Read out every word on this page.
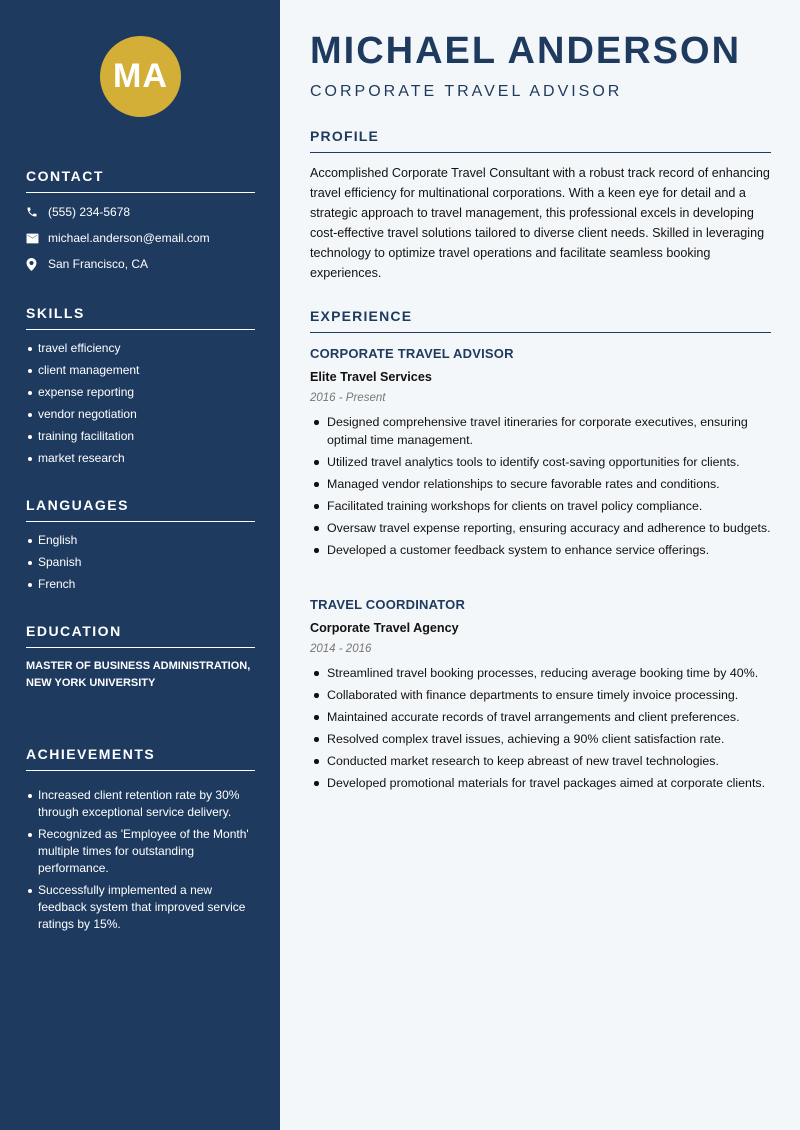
MA
CONTACT
(555) 234-5678
michael.anderson@email.com
San Francisco, CA
SKILLS
travel efficiency
client management
expense reporting
vendor negotiation
training facilitation
market research
LANGUAGES
English
Spanish
French
EDUCATION
MASTER OF BUSINESS ADMINISTRATION, NEW YORK UNIVERSITY
ACHIEVEMENTS
Increased client retention rate by 30% through exceptional service delivery.
Recognized as 'Employee of the Month' multiple times for outstanding performance.
Successfully implemented a new feedback system that improved service ratings by 15%.
MICHAEL ANDERSON
CORPORATE TRAVEL ADVISOR
PROFILE

Accomplished Corporate Travel Consultant with a robust track record of enhancing travel efficiency for multinational corporations. With a keen eye for detail and a strategic approach to travel management, this professional excels in developing cost-effective travel solutions tailored to diverse client needs. Skilled in leveraging technology to optimize travel operations and facilitate seamless booking experiences.

EXPERIENCE
CORPORATE TRAVEL ADVISOR
Elite Travel Services
2016 - Present
Designed comprehensive travel itineraries for corporate executives, ensuring optimal time management.
Utilized travel analytics tools to identify cost-saving opportunities for clients.
Managed vendor relationships to secure favorable rates and conditions.
Facilitated training workshops for clients on travel policy compliance.
Oversaw travel expense reporting, ensuring accuracy and adherence to budgets.
Developed a customer feedback system to enhance service offerings.
TRAVEL COORDINATOR
Corporate Travel Agency
2014 - 2016
Streamlined travel booking processes, reducing average booking time by 40%.
Collaborated with finance departments to ensure timely invoice processing.
Maintained accurate records of travel arrangements and client preferences.
Resolved complex travel issues, achieving a 90% client satisfaction rate.
Conducted market research to keep abreast of new travel technologies.
Developed promotional materials for travel packages aimed at corporate clients.
